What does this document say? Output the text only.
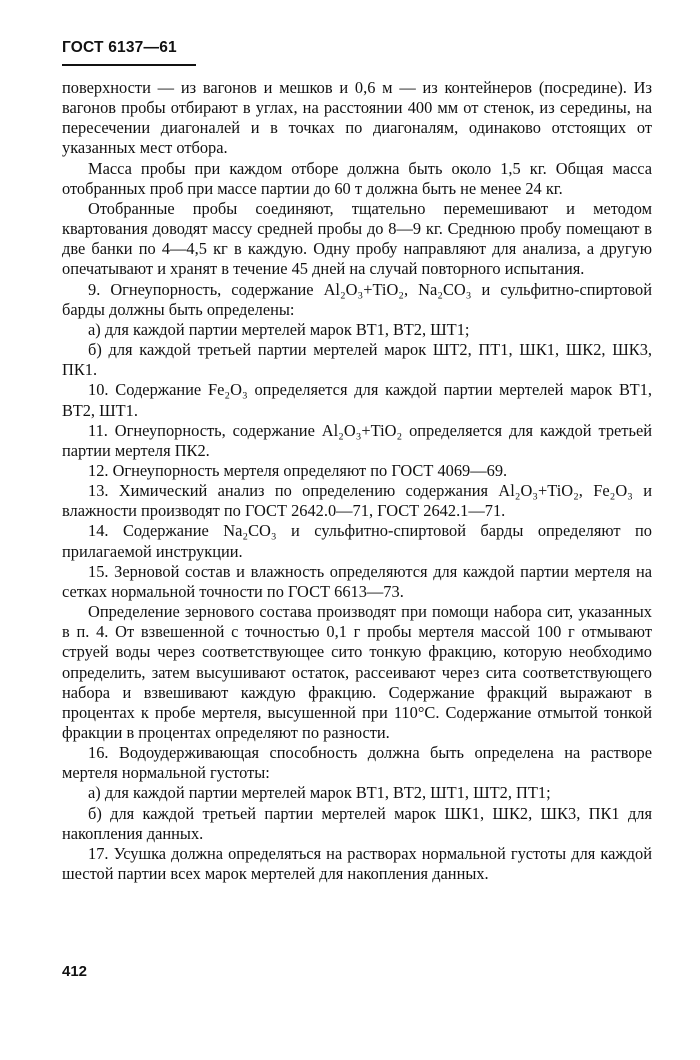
ГОСТ 6137—61

поверхности — из вагонов и мешков и 0,6 м — из контейнеров (посредине). Из вагонов пробы отбирают в углах, на расстоянии 400 мм от стенок, из середины, на пересечении диагоналей и в точках по диагоналям, одинаково отстоящих от указанных мест отбора.

Масса пробы при каждом отборе должна быть около 1,5 кг. Общая масса отобранных проб при массе партии до 60 т должна быть не менее 24 кг.

Отобранные пробы соединяют, тщательно перемешивают и методом квартования доводят массу средней пробы до 8—9 кг. Среднюю пробу помещают в две банки по 4—4,5 кг в каждую. Одну пробу направляют для анализа, а другую опечатывают и хранят в течение 45 дней на случай повторного испытания.

9. Огнеупорность, содержание Al₂O₃+TiO₂, Na₂CO₃ и сульфитно-спиртовой барды должны быть определены:

а) для каждой партии мертелей марок ВТ1, ВТ2, ШТ1;

б) для каждой третьей партии мертелей марок ШТ2, ПТ1, ШК1, ШК2, ШК3, ПК1.

10. Содержание Fe₂O₃ определяется для каждой партии мертелей марок ВТ1, ВТ2, ШТ1.

11. Огнеупорность, содержание Al₂O₃+TiO₂ определяется для каждой третьей партии мертеля ПК2.

12. Огнеупорность мертеля определяют по ГОСТ 4069—69.

13. Химический анализ по определению содержания Al₂O₃+TiO₂, Fe₂O₃ и влажности производят по ГОСТ 2642.0—71, ГОСТ 2642.1—71.

14. Содержание Na₂CO₃ и сульфитно-спиртовой барды определяют по прилагаемой инструкции.

15. Зерновой состав и влажность определяются для каждой партии мертеля на сетках нормальной точности по ГОСТ 6613—73.

Определение зернового состава производят при помощи набора сит, указанных в п. 4. От взвешенной с точностью 0,1 г пробы мертеля массой 100 г отмывают струей воды через соответствующее сито тонкую фракцию, которую необходимо определить, затем высушивают остаток, рассеивают через сита соответствующего набора и взвешивают каждую фракцию. Содержание фракций выражают в процентах к пробе мертеля, высушенной при 110°С. Содержание отмытой тонкой фракции в процентах определяют по разности.

16. Водоудерживающая способность должна быть определена на растворе мертеля нормальной густоты:

а) для каждой партии мертелей марок ВТ1, ВТ2, ШТ1, ШТ2, ПТ1;

б) для каждой третьей партии мертелей марок ШК1, ШК2, ШК3, ПК1 для накопления данных.

17. Усушка должна определяться на растворах нормальной густоты для каждой шестой партии всех марок мертелей для накопления данных.

412
